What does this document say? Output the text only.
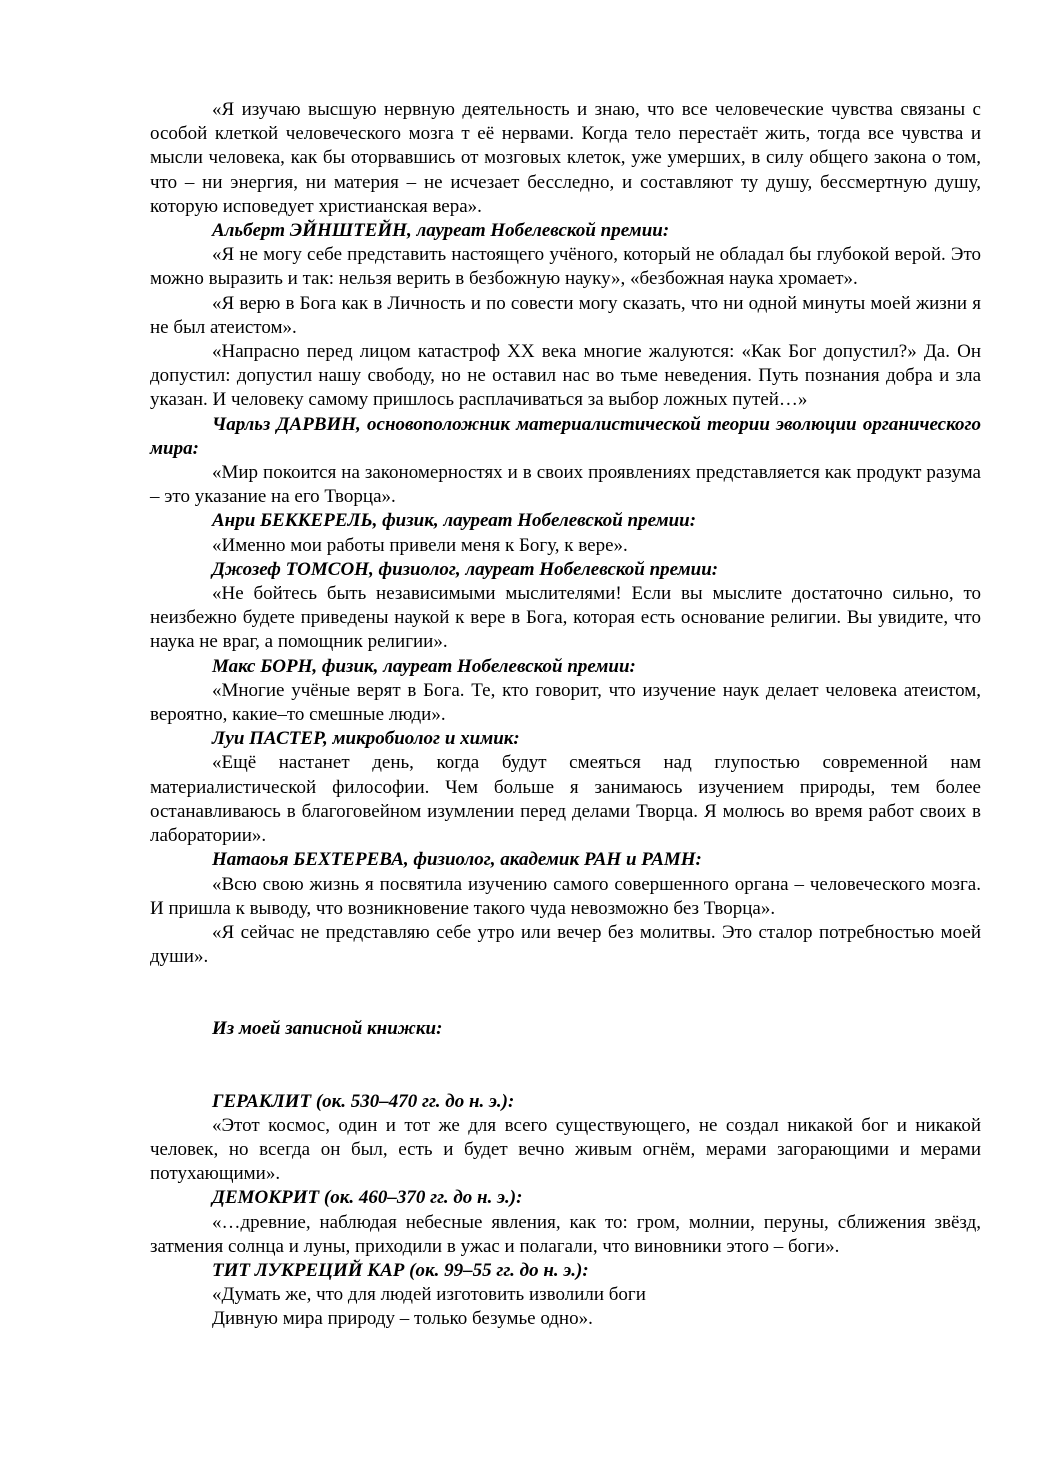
«Я изучаю высшую нервную деятельность и знаю, что все человеческие чувства связаны с особой клеткой человеческого мозга т её нервами. Когда тело перестаёт жить, тогда все чувства и мысли человека, как бы оторвавшись от мозговых клеток, уже умерших, в силу общего закона о том, что – ни энергия, ни материя – не исчезает бесследно, и составляют ту душу, бессмертную душу, которую исповедует христианская вера».

Альберт ЭЙНШТЕЙН, лауреат Нобелевской премии:

«Я не могу себе представить настоящего учёного, который не обладал бы глубокой верой. Это можно выразить и так: нельзя верить в безбожную науку», «безбожная наука хромает».

«Я верю в Бога как в Личность и по совести могу сказать, что ни одной минуты моей жизни я не был атеистом».

«Напрасно перед лицом катастроф XX века многие жалуются: «Как Бог допустил?» Да. Он допустил: допустил нашу свободу, но не оставил нас во тьме неведения. Путь познания добра и зла указан. И человеку самому пришлось расплачиваться за выбор ложных путей…»

Чарльз ДАРВИН, основоположник материалистической теории эволюции органического мира:

«Мир покоится на закономерностях и в своих проявлениях представляется как продукт разума – это указание на его Творца».

Анри БЕККЕРЕЛЬ, физик, лауреат Нобелевской премии:

«Именно мои работы привели меня к Богу, к вере».

Джозеф ТОМСОН, физиолог, лауреат Нобелевской премии:

«Не бойтесь быть независимыми мыслителями! Если вы мыслите достаточно сильно, то неизбежно будете приведены наукой к вере в Бога, которая есть основание религии. Вы увидите, что наука не враг, а помощник религии».

Макс БОРН, физик, лауреат Нобелевской премии:

«Многие учёные верят в Бога. Те, кто говорит, что изучение наук делает человека атеистом, вероятно, какие–то смешные люди».

Луи ПАСТЕР, микробиолог и химик:

«Ещё настанет день, когда будут смеяться над глупостью современной нам материалистической философии. Чем больше я занимаюсь изучением природы, тем более останавливаюсь в благоговейном изумлении перед делами Творца. Я молюсь во время работ своих в лаборатории».

Натаоья БЕХТЕРЕВА, физиолог, академик РАН и РАМН:

«Всю свою жизнь я посвятила изучению самого совершенного органа – человеческого мозга. И пришла к выводу, что возникновение такого чуда невозможно без Творца».

«Я сейчас не представляю себе утро или вечер без молитвы. Это сталор потребностью моей души».

Из моей записной книжки:

ГЕРАКЛИТ (ок. 530–470 гг. до н. э.):

«Этот космос, один и тот же для всего существующего, не создал никакой бог и никакой человек, но всегда он был, есть и будет вечно живым огнём, мерами загорающими и мерами потухающими».

ДЕМОКРИТ (ок. 460–370 гг. до н. э.):

«…древние, наблюдая небесные явления, как то: гром, молнии, перуны, сближения звёзд, затмения солнца и луны, приходили в ужас и полагали, что виновники этого – боги».

ТИТ ЛУКРЕЦИЙ КАР (ок. 99–55 гг. до н. э.):

«Думать же, что для людей изготовить изволили боги

Дивную мира природу – только безумье одно».
